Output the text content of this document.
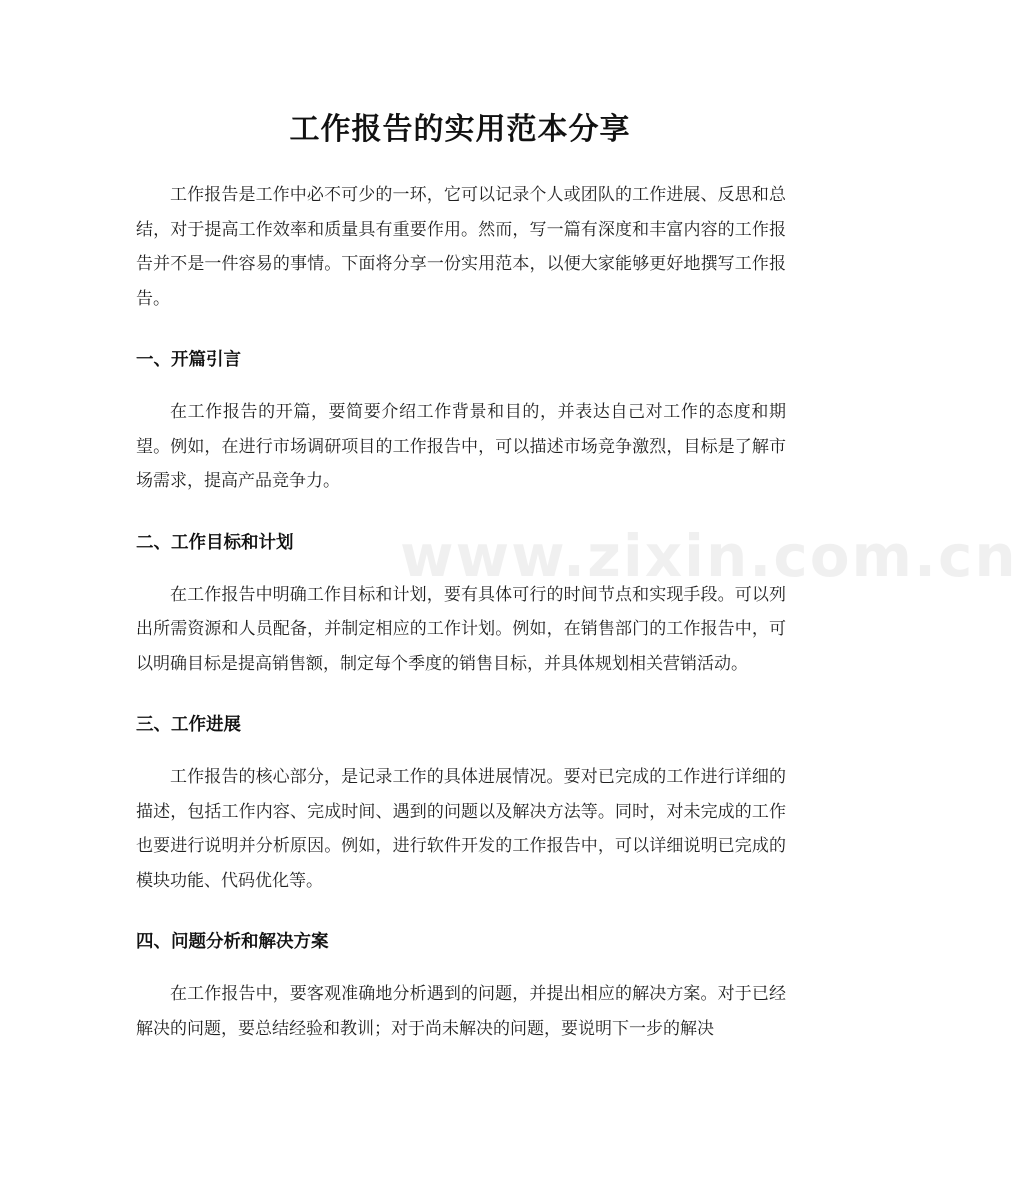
www.zixin.com.cn
工作报告的实用范本分享

工作报告是工作中必不可少的一环，它可以记录个人或团队的工作进展、反思和总结，对于提高工作效率和质量具有重要作用。然而，写一篇有深度和丰富内容的工作报告并不是一件容易的事情。下面将分享一份实用范本，以便大家能够更好地撰写工作报告。

一、开篇引言

在工作报告的开篇，要简要介绍工作背景和目的，并表达自己对工作的态度和期望。例如，在进行市场调研项目的工作报告中，可以描述市场竞争激烈，目标是了解市场需求，提高产品竞争力。

二、工作目标和计划

在工作报告中明确工作目标和计划，要有具体可行的时间节点和实现手段。可以列出所需资源和人员配备，并制定相应的工作计划。例如，在销售部门的工作报告中，可以明确目标是提高销售额，制定每个季度的销售目标，并具体规划相关营销活动。

三、工作进展

工作报告的核心部分，是记录工作的具体进展情况。要对已完成的工作进行详细的描述，包括工作内容、完成时间、遇到的问题以及解决方法等。同时，对未完成的工作也要进行说明并分析原因。例如，进行软件开发的工作报告中，可以详细说明已完成的模块功能、代码优化等。

四、问题分析和解决方案

在工作报告中，要客观准确地分析遇到的问题，并提出相应的解决方案。对于已经解决的问题，要总结经验和教训；对于尚未解决的问题，要说明下一步的解决
